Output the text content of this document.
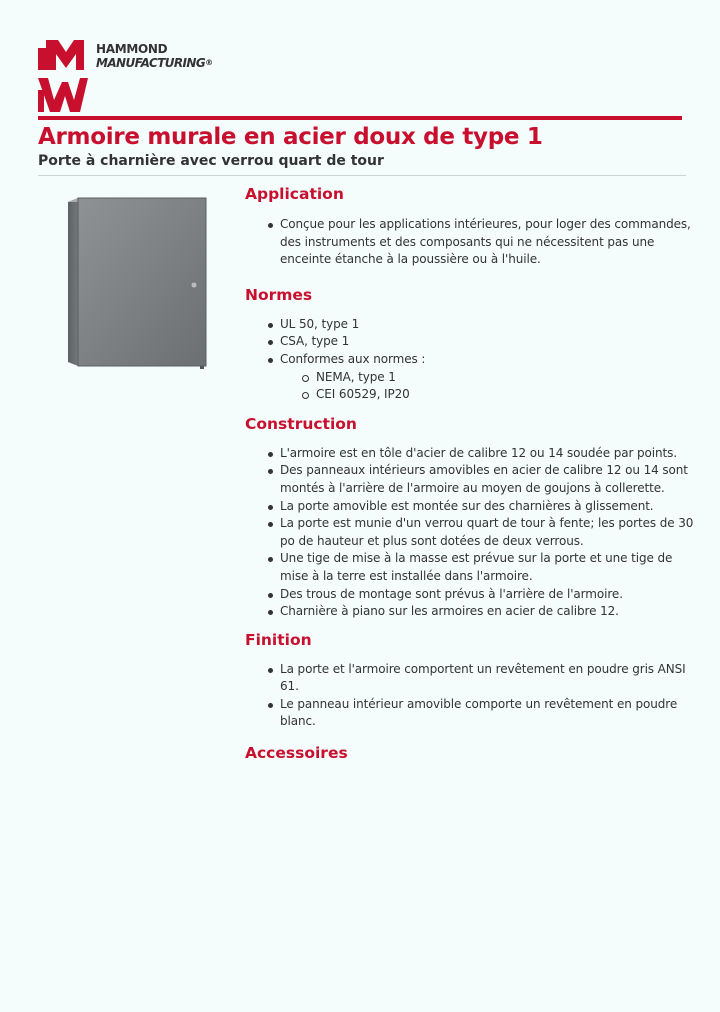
HAMMOND
MANUFACTURING®
Armoire murale en acier doux de type 1
Porte à charnière avec verrou quart de tour
Application
Conçue pour les applications intérieures, pour loger des commandes, des instruments et des composants qui ne nécessitent pas une enceinte étanche à la poussière ou à l'huile.
Normes
UL 50, type 1
CSA, type 1
Conformes aux normes :
NEMA, type 1
CEI 60529, IP20
Construction
L'armoire est en tôle d'acier de calibre 12 ou 14 soudée par points.
Des panneaux intérieurs amovibles en acier de calibre 12 ou 14 sont montés à l'arrière de l'armoire au moyen de goujons à collerette.
La porte amovible est montée sur des charnières à glissement.
La porte est munie d'un verrou quart de tour à fente; les portes de 30 po de hauteur et plus sont dotées de deux verrous.
Une tige de mise à la masse est prévue sur la porte et une tige de mise à la terre est installée dans l'armoire.
Des trous de montage sont prévus à l'arrière de l'armoire.
Charnière à piano sur les armoires en acier de calibre 12.
Finition
La porte et l'armoire comportent un revêtement en poudre gris ANSI 61.
Le panneau intérieur amovible comporte un revêtement en poudre blanc.
Accessoires
